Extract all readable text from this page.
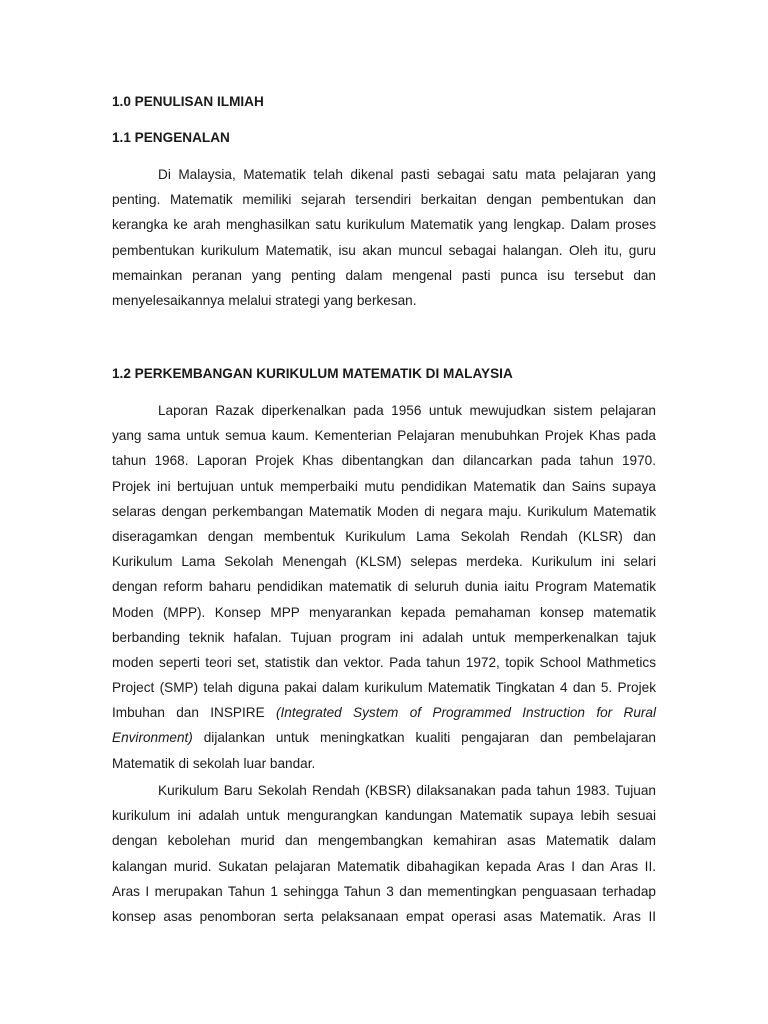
1.0 PENULISAN ILMIAH
1.1 PENGENALAN
Di Malaysia, Matematik telah dikenal pasti sebagai satu mata pelajaran yang
penting. Matematik memiliki sejarah tersendiri berkaitan dengan pembentukan dan
kerangka ke arah menghasilkan satu kurikulum Matematik yang lengkap. Dalam proses
pembentukan kurikulum Matematik, isu akan muncul sebagai halangan. Oleh itu, guru
memainkan peranan yang penting dalam mengenal pasti punca isu tersebut dan
menyelesaikannya melalui strategi yang berkesan.
1.2 PERKEMBANGAN KURIKULUM MATEMATIK DI MALAYSIA
Laporan Razak diperkenalkan pada 1956 untuk mewujudkan sistem pelajaran
yang sama untuk semua kaum. Kementerian Pelajaran menubuhkan Projek Khas pada
tahun 1968. Laporan Projek Khas dibentangkan dan dilancarkan pada tahun 1970.
Projek ini bertujuan untuk memperbaiki mutu pendidikan Matematik dan Sains supaya
selaras dengan perkembangan Matematik Moden di negara maju. Kurikulum Matematik
diseragamkan dengan membentuk Kurikulum Lama Sekolah Rendah (KLSR) dan
Kurikulum Lama Sekolah Menengah (KLSM) selepas merdeka. Kurikulum ini selari
dengan reform baharu pendidikan matematik di seluruh dunia iaitu Program Matematik
Moden (MPP). Konsep MPP menyarankan kepada pemahaman konsep matematik
berbanding teknik hafalan. Tujuan program ini adalah untuk memperkenalkan tajuk
moden seperti teori set, statistik dan vektor. Pada tahun 1972, topik School Mathmetics
Project (SMP) telah diguna pakai dalam kurikulum Matematik Tingkatan 4 dan 5. Projek
Imbuhan dan INSPIRE (Integrated System of Programmed Instruction for Rural
Environment) dijalankan untuk meningkatkan kualiti pengajaran dan pembelajaran
Matematik di sekolah luar bandar.
Kurikulum Baru Sekolah Rendah (KBSR) dilaksanakan pada tahun 1983. Tujuan
kurikulum ini adalah untuk mengurangkan kandungan Matematik supaya lebih sesuai
dengan kebolehan murid dan mengembangkan kemahiran asas Matematik dalam
kalangan murid. Sukatan pelajaran Matematik dibahagikan kepada Aras I dan Aras II.
Aras I merupakan Tahun 1 sehingga Tahun 3 dan mementingkan penguasaan terhadap
konsep asas penomboran serta pelaksanaan empat operasi asas Matematik. Aras II
